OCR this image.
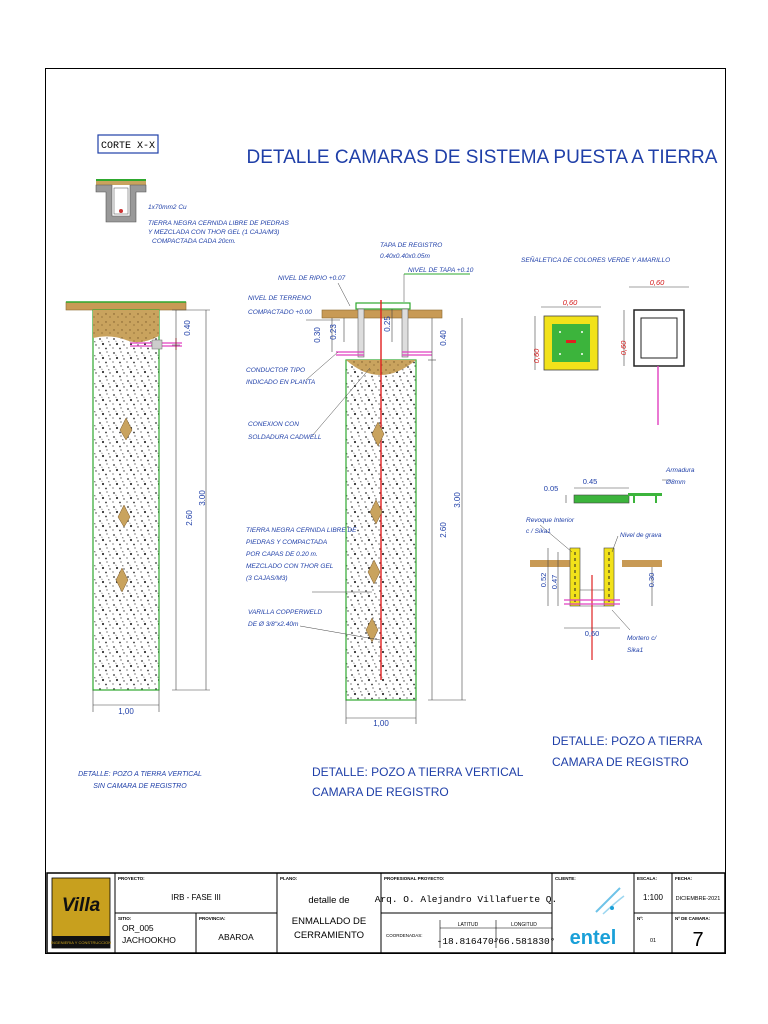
CORTE X-X
DETALLE CAMARAS DE SISTEMA PUESTA A TIERRA
1x70mm2 Cu
TIERRA NEGRA CERNIDA LIBRE DE PIEDRAS
Y MEZCLADA CON THOR GEL (1 CAJA/M3)
COMPACTADA CADA 20cm.
0.40
2.60
3.00
1,00
DETALLE: POZO A TIERRA VERTICAL
SIN CAMARA DE REGISTRO
TAPA DE REGISTRO
0.40x0.40x0.05m
NIVEL DE RIPIO +0.07
NIVEL DE TAPA +0.10
NIVEL DE TERRENO
COMPACTADO +0.00
CONDUCTOR TIPO
INDICADO EN PLANTA
CONEXION CON
SOLDADURA CADWELL
TIERRA NEGRA CERNIDA LIBRE DE
PIEDRAS Y COMPACTADA
POR CAPAS DE 0.20 m.
MEZCLADO CON THOR GEL
(3 CAJAS/M3)
VARILLA COPPERWELD
DE Ø 3/8"x2.40m
0.30 0.23
0.25
0.40
2.60
3.00
1,00
DETALLE: POZO A TIERRA VERTICAL
CAMARA DE REGISTRO
SEÑALETICA DE COLORES VERDE Y AMARILLO
0,60
0,60
0,60
0,60
0.05
0.45
Armadura
Ø8mm
Revoque Interior
c / Sika1
Nivel de grava
0.52 0.47	0.30
0,60
Mortero c/
Sika1
DETALLE: POZO A TIERRA
CAMARA DE REGISTRO
Villa
INGENIERIA Y CONSTRUCCION
PROYECTO:
IRB - FASE III
SITIO:
OR_005
JACHOOKHO
PROVINCIA:
ABAROA
PLANO:
detalle de
ENMALLADO DE
CERRAMIENTO
PROFESIONAL PROYECTO:
Arq. O. Alejandro Villafuerte Q.
COORDENADAS:
LATITUD	LONGITUD
-18.816470°
-66.581830°
CLIENTE:
entel
ESCALA:
1:100
FECHA:
DICIEMBRE-2021
Nº:
01
Nº DE CAMARA:
7
